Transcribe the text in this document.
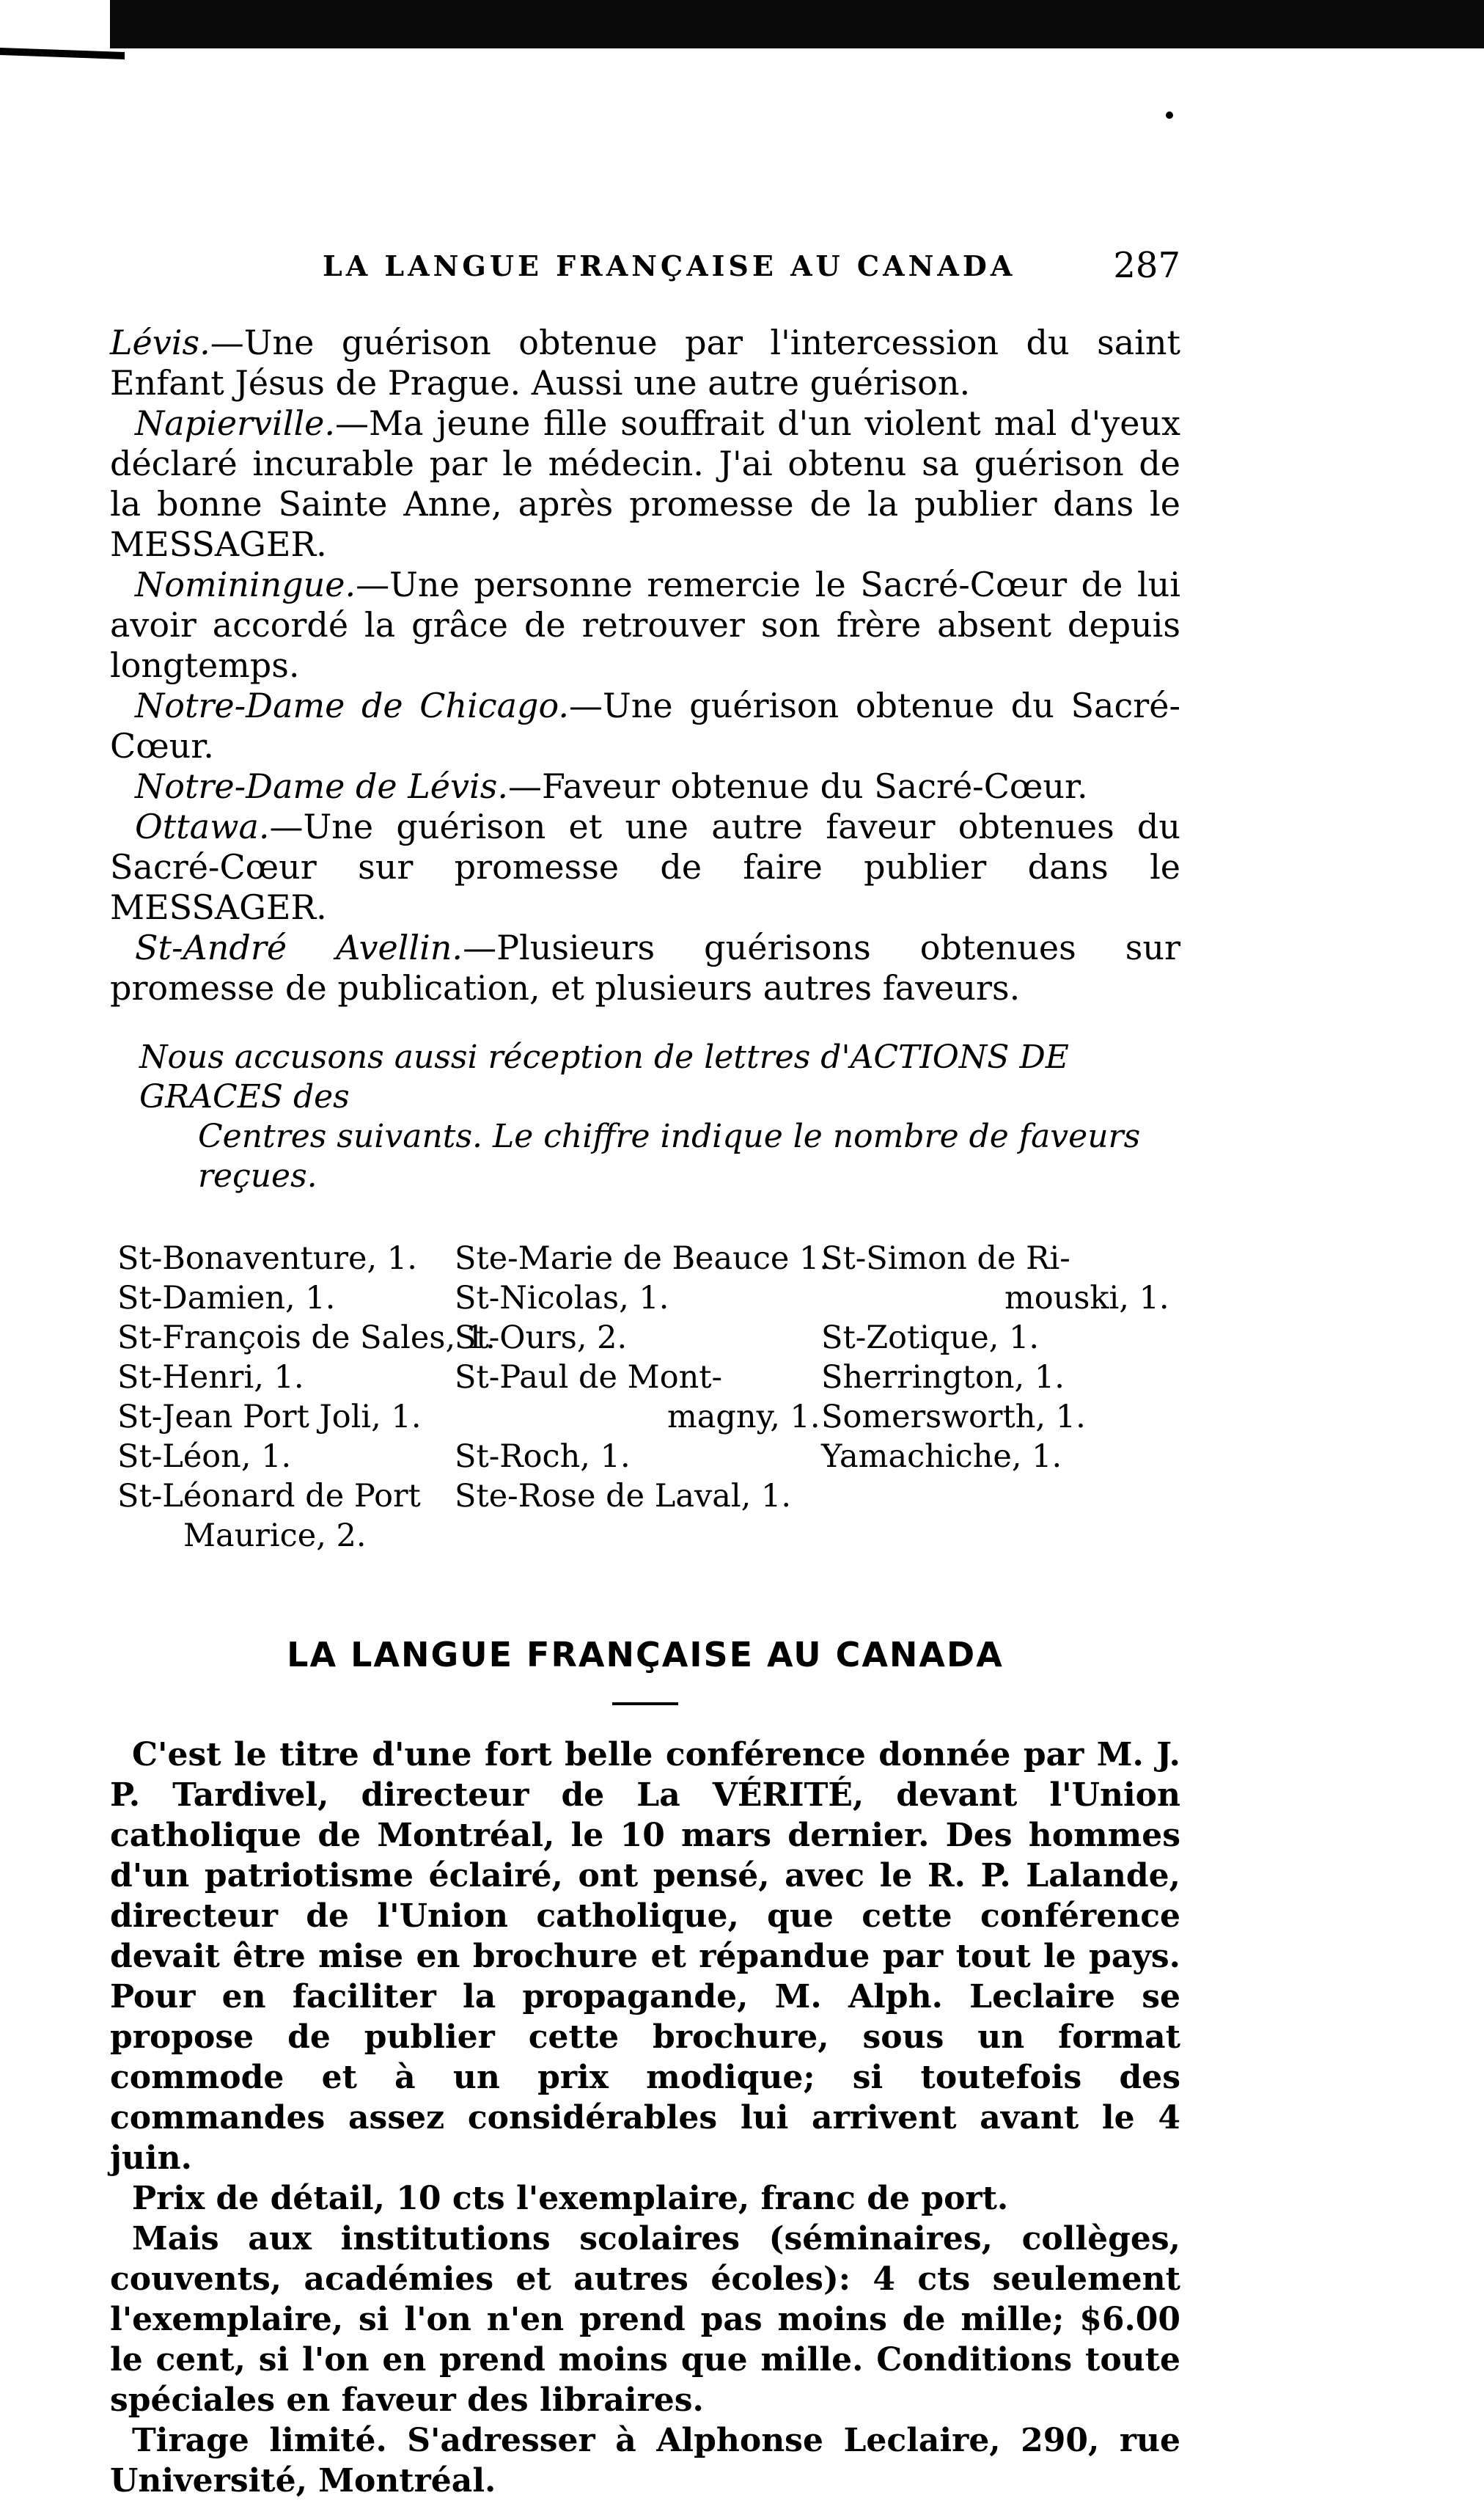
LA LANGUE FRANÇAISE AU CANADA	287

Lévis.—Une guérison obtenue par l'intercession du saint Enfant Jésus de Prague. Aussi une autre guérison.

Napierville.—Ma jeune fille souffrait d'un violent mal d'yeux déclaré incurable par le médecin. J'ai obtenu sa guérison de la bonne Sainte Anne, après promesse de la publier dans le MESSAGER.

Nominingue.—Une personne remercie le Sacré-Cœur de lui avoir accordé la grâce de retrouver son frère absent depuis longtemps.

Notre-Dame de Chicago.—Une guérison obtenue du Sacré-Cœur.

Notre-Dame de Lévis.—Faveur obtenue du Sacré-Cœur.

Ottawa.—Une guérison et une autre faveur obtenues du Sacré-Cœur sur promesse de faire publier dans le MESSAGER.

St-André Avellin.—Plusieurs guérisons obtenues sur promesse de publication, et plusieurs autres faveurs.

Nous accusons aussi réception de lettres d'ACTIONS DE GRACES des
Centres suivants. Le chiffre indique le nombre de faveurs reçues.
St-Bonaventure, 1.
St-Damien, 1.
St-François de Sales, 1.
St-Henri, 1.
St-Jean Port Joli, 1.
St-Léon, 1.
St-Léonard de Port
Maurice, 2.
Ste-Marie de Beauce 1.
St-Nicolas, 1.
St-Ours, 2.
St-Paul de Mont-
magny, 1.
St-Roch, 1.
Ste-Rose de Laval, 1.
St-Simon de Ri-
mouski, 1.
St-Zotique, 1.
Sherrington, 1.
Somersworth, 1.
Yamachiche, 1.
LA LANGUE FRANÇAISE AU CANADA

C'est le titre d'une fort belle conférence donnée par M. J. P. Tardivel, directeur de La VÉRITÉ, devant l'Union catholique de Montréal, le 10 mars dernier. Des hommes d'un patriotisme éclairé, ont pensé, avec le R. P. Lalande, directeur de l'Union catholique, que cette conférence devait être mise en brochure et répandue par tout le pays. Pour en faciliter la propagande, M. Alph. Leclaire se propose de publier cette brochure, sous un format commode et à un prix modique; si toutefois des commandes assez considérables lui arrivent avant le 4 juin.

Prix de détail, 10 cts l'exemplaire, franc de port.

Mais aux institutions scolaires (séminaires, collèges, couvents, académies et autres écoles): 4 cts seulement l'exemplaire, si l'on n'en prend pas moins de mille; $6.00 le cent, si l'on en prend moins que mille. Conditions toute spéciales en faveur des libraires.

Tirage limité. S'adresser à Alphonse Leclaire, 290, rue Université, Montréal.
